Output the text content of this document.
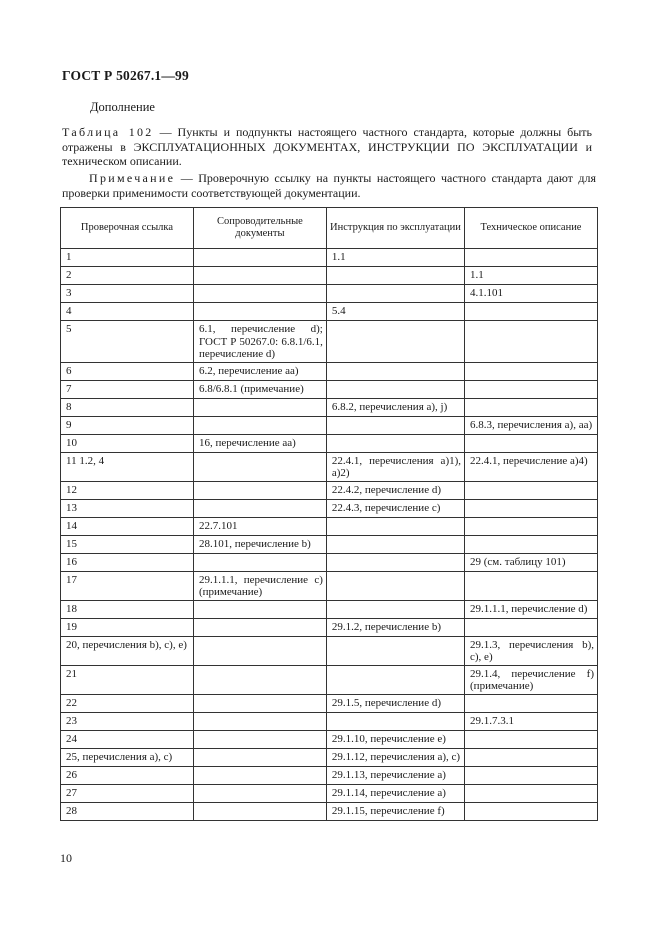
ГОСТ Р 50267.1—99
Дополнение
Таблица 102 — Пункты и подпункты настоящего частного стандарта, которые должны быть отражены в ЭКСПЛУАТАЦИОННЫХ ДОКУМЕНТАХ, ИНСТРУКЦИИ ПО ЭКСПЛУАТАЦИИ и техническом описании.
Примечание — Проверочную ссылку на пункты настоящего частного стандарта дают для проверки применимости соответствующей документации.
Проверочная ссылка	Сопроводительные документы	Инструкция по эксплуатации	Техническое описание
1		1.1	
2			1.1
3			4.1.101
4		5.4	
5	6.1, перечисление d); ГОСТ Р 50267.0: 6.8.1/6.1, перечисление d)		
6	6.2, перечисление аа)		
7	6.8/6.8.1 (примечание)		
8		6.8.2, перечисления а), j)	
9			6.8.3, перечисления а), аа)
10	16, перечисление аа)		
11 1.2, 4		22.4.1, перечисления а)1), а)2)	22.4.1, перечисление а)4)
12		22.4.2, перечисление d)	
13		22.4.3, перечисление с)	
14	22.7.101		
15	28.101, перечисление b)		
16			29 (см. таблицу 101)
17	29.1.1.1, перечисление с) (примечание)		
18			29.1.1.1, перечисление d)
19		29.1.2, перечисление b)	
20, перечисления b), с), е)			29.1.3, перечисления b), с), е)
21			29.1.4, перечисление f) (примечание)
22		29.1.5, перечисление d)	
23			29.1.7.3.1
24		29.1.10, перечисление е)	
25, перечисления а), с)		29.1.12, перечисления а), с)	
26		29.1.13, перечисление а)	
27		29.1.14, перечисление а)	
28		29.1.15, перечисление f)	
10
